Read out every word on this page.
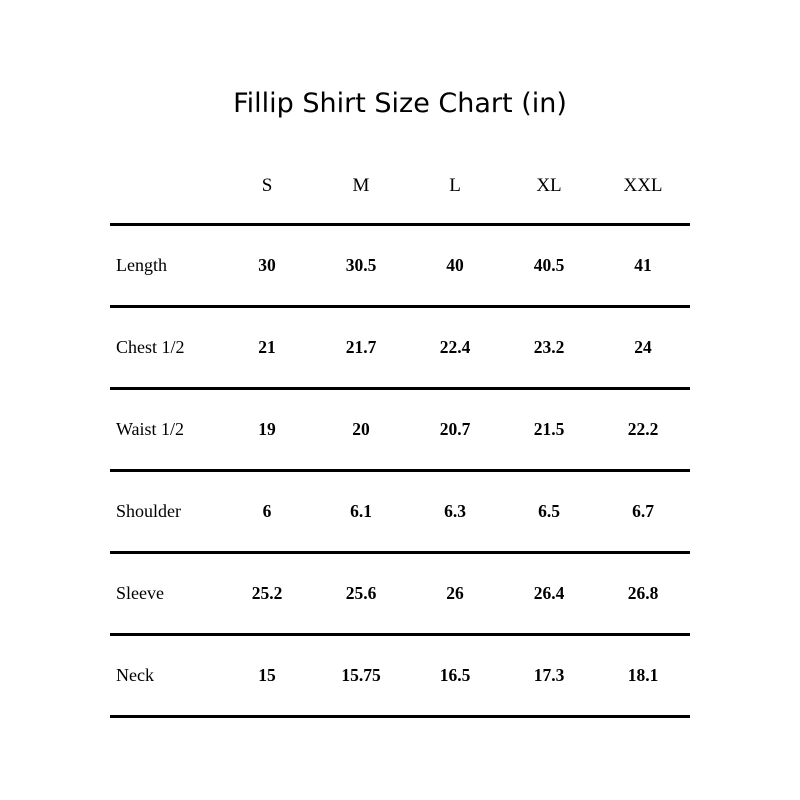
Fillip Shirt Size Chart (in)
	S	M	L	XL	XXL
Length	30	30.5	40	40.5	41
Chest 1/2	21	21.7	22.4	23.2	24
Waist 1/2	19	20	20.7	21.5	22.2
Shoulder	6	6.1	6.3	6.5	6.7
Sleeve	25.2	25.6	26	26.4	26.8
Neck	15	15.75	16.5	17.3	18.1
